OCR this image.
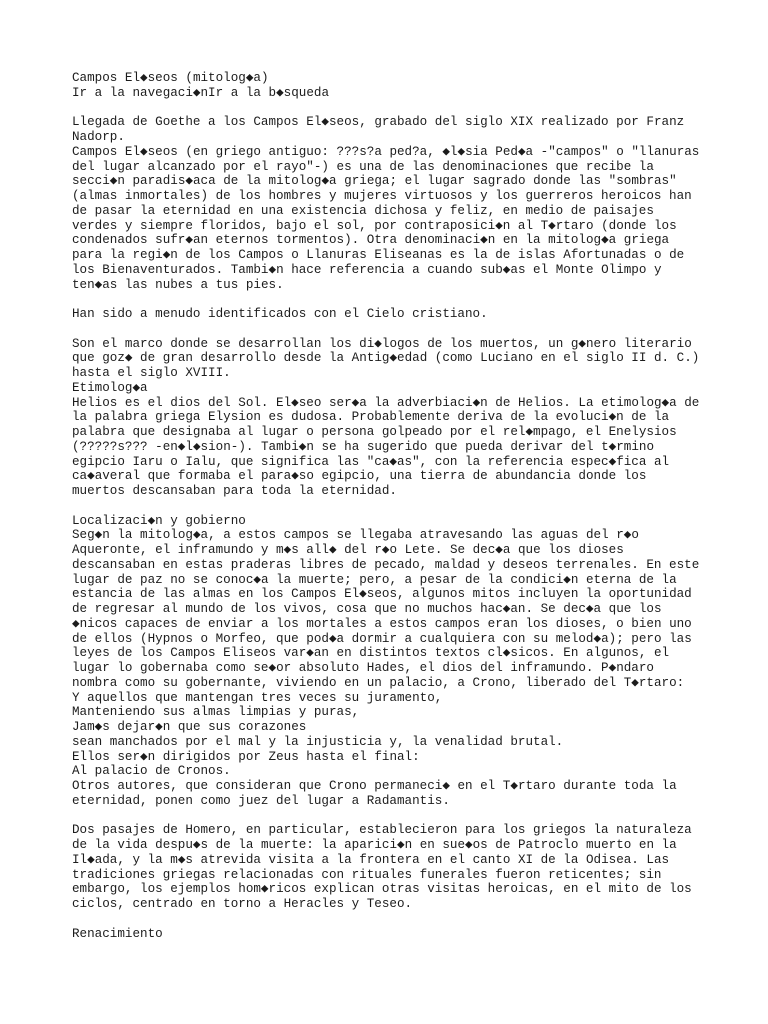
Campos El◆seos (mitolog◆a)
Ir a la navegaci◆nIr a la b◆squeda
Llegada de Goethe a los Campos El◆seos, grabado del siglo XIX realizado por Franz
Nadorp.
Campos El◆seos (en griego antiguo: ???s?a ped?a, ◆l◆sia Ped◆a -"campos" o "llanuras
del lugar alcanzado por el rayo"-) es una de las denominaciones que recibe la
secci◆n paradis◆aca de la mitolog◆a griega; el lugar sagrado donde las "sombras"
(almas inmortales) de los hombres y mujeres virtuosos y los guerreros heroicos han
de pasar la eternidad en una existencia dichosa y feliz, en medio de paisajes
verdes y siempre floridos, bajo el sol, por contraposici◆n al T◆rtaro (donde los
condenados sufr◆an eternos tormentos). Otra denominaci◆n en la mitolog◆a griega
para la regi◆n de los Campos o Llanuras Eliseanas es la de islas Afortunadas o de
los Bienaventurados. Tambi◆n hace referencia a cuando sub◆as el Monte Olimpo y
ten◆as las nubes a tus pies.
Han sido a menudo identificados con el Cielo cristiano.
Son el marco donde se desarrollan los di◆logos de los muertos, un g◆nero literario
que goz◆ de gran desarrollo desde la Antig◆edad (como Luciano en el siglo II d. C.)
hasta el siglo XVIII.
Etimolog◆a
Helios es el dios del Sol. El◆seo ser◆a la adverbiaci◆n de Helios. La etimolog◆a de
la palabra griega Elysion es dudosa. Probablemente deriva de la evoluci◆n de la
palabra que designaba al lugar o persona golpeado por el rel◆mpago, el Enelysios
(?????s??? -en◆l◆sion-). Tambi◆n se ha sugerido que pueda derivar del t◆rmino
egipcio Iaru o Ialu, que significa las "ca◆as", con la referencia espec◆fica al
ca◆averal que formaba el para◆so egipcio, una tierra de abundancia donde los
muertos descansaban para toda la eternidad.
Localizaci◆n y gobierno
Seg◆n la mitolog◆a, a estos campos se llegaba atravesando las aguas del r◆o
Aqueronte, el inframundo y m◆s all◆ del r◆o Lete. Se dec◆a que los dioses
descansaban en estas praderas libres de pecado, maldad y deseos terrenales. En este
lugar de paz no se conoc◆a la muerte; pero, a pesar de la condici◆n eterna de la
estancia de las almas en los Campos El◆seos, algunos mitos incluyen la oportunidad
de regresar al mundo de los vivos, cosa que no muchos hac◆an. Se dec◆a que los
◆nicos capaces de enviar a los mortales a estos campos eran los dioses, o bien uno
de ellos (Hypnos o Morfeo, que pod◆a dormir a cualquiera con su melod◆a); pero las
leyes de los Campos Eliseos var◆an en distintos textos cl◆sicos. En algunos, el
lugar lo gobernaba como se◆or absoluto Hades, el dios del inframundo. P◆ndaro
nombra como su gobernante, viviendo en un palacio, a Crono, liberado del T◆rtaro:
Y aquellos que mantengan tres veces su juramento,
Manteniendo sus almas limpias y puras,
Jam◆s dejar◆n que sus corazones
sean manchados por el mal y la injusticia y, la venalidad brutal.
Ellos ser◆n dirigidos por Zeus hasta el final:
Al palacio de Cronos.
Otros autores, que consideran que Crono permaneci◆ en el T◆rtaro durante toda la
eternidad, ponen como juez del lugar a Radamantis.
Dos pasajes de Homero, en particular, establecieron para los griegos la naturaleza
de la vida despu◆s de la muerte: la aparici◆n en sue◆os de Patroclo muerto en la
Il◆ada, y la m◆s atrevida visita a la frontera en el canto XI de la Odisea. Las
tradiciones griegas relacionadas con rituales funerales fueron reticentes; sin
embargo, los ejemplos hom◆ricos explican otras visitas heroicas, en el mito de los
ciclos, centrado en torno a Heracles y Teseo.
Renacimiento
